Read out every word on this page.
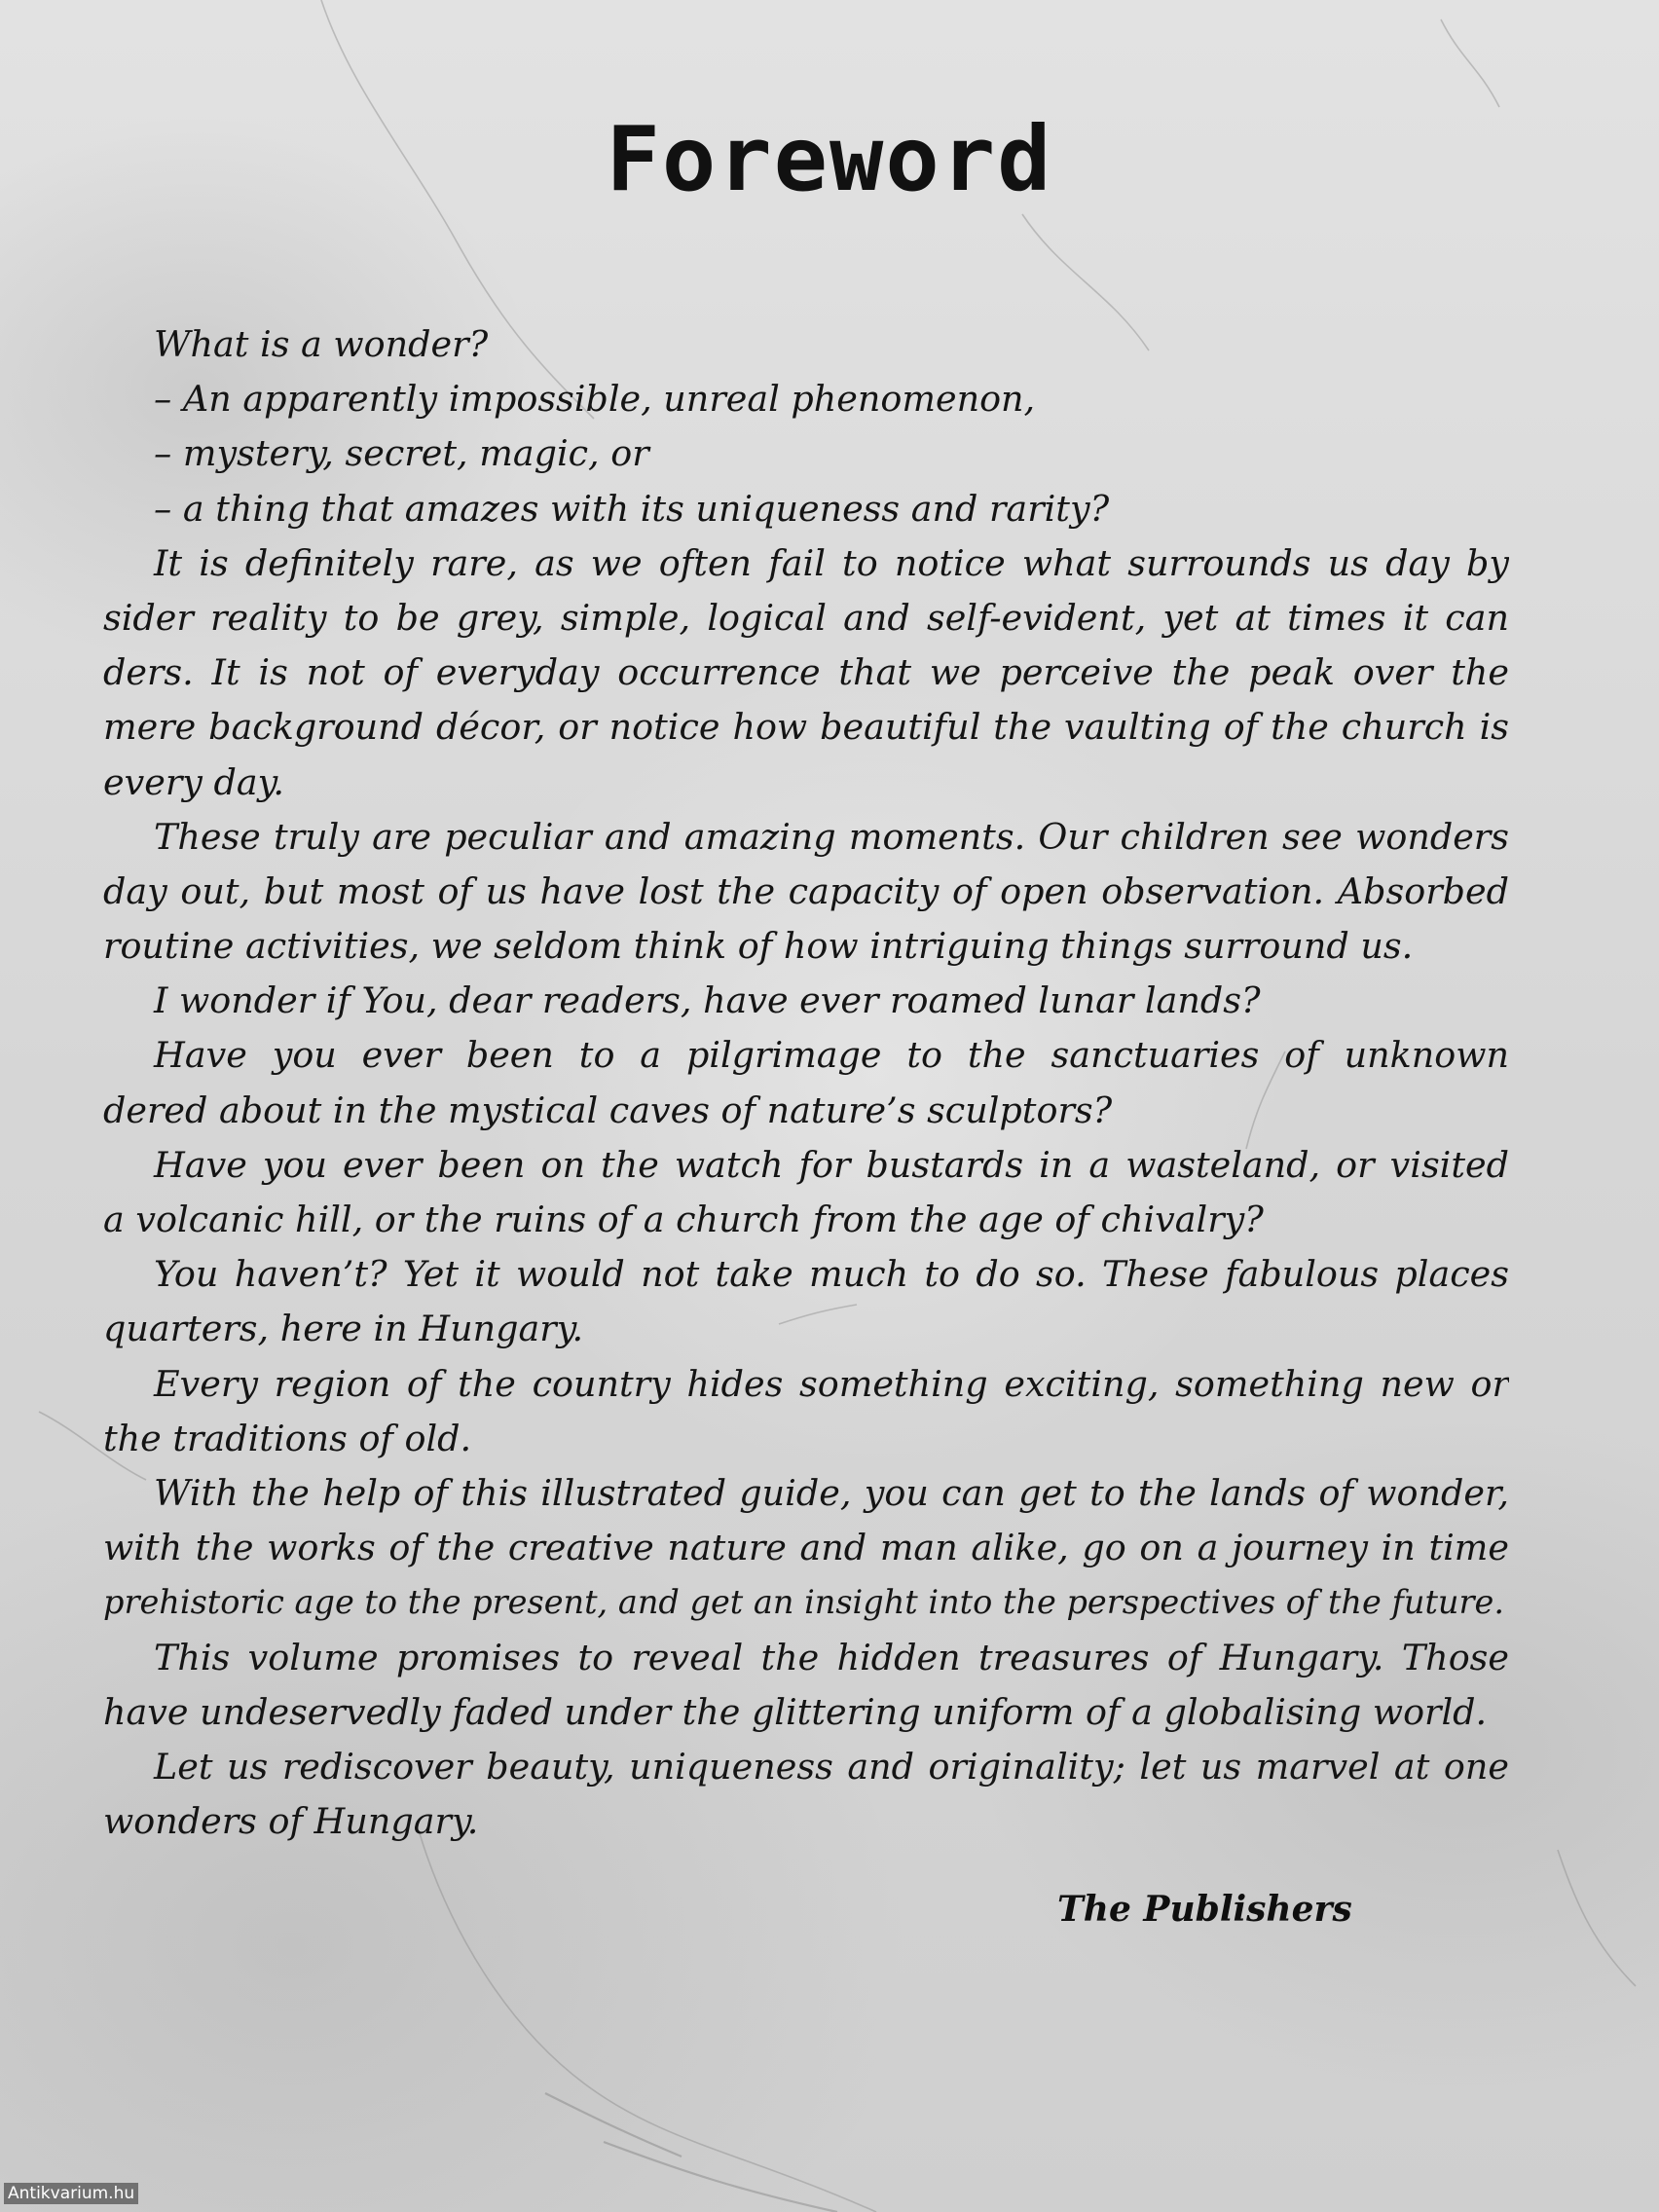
Foreword
What is a wonder?
– An apparently impossible, unreal phenomenon,
– mystery, secret, magic, or
– a thing that amazes with its uniqueness and rarity?
It is definitely rare, as we often fail to notice what surrounds us day by
sider reality to be grey, simple, logical and self-evident, yet at times it can
ders. It is not of everyday occurrence that we perceive the peak over the
mere background décor, or notice how beautiful the vaulting of the church is
every day.
These truly are peculiar and amazing moments. Our children see wonders
day out, but most of us have lost the capacity of open observation. Absorbed
routine activities, we seldom think of how intriguing things surround us.
I wonder if You, dear readers, have ever roamed lunar lands?
Have you ever been to a pilgrimage to the sanctuaries of unknown
dered about in the mystical caves of nature’s sculptors?
Have you ever been on the watch for bustards in a wasteland, or visited
a volcanic hill, or the ruins of a church from the age of chivalry?
You haven’t? Yet it would not take much to do so. These fabulous places
quarters, here in Hungary.
Every region of the country hides something exciting, something new or
the traditions of old.
With the help of this illustrated guide, you can get to the lands of wonder,
with the works of the creative nature and man alike, go on a journey in time
prehistoric age to the present, and get an insight into the perspectives of the future.
This volume promises to reveal the hidden treasures of Hungary. Those
have undeservedly faded under the glittering uniform of a globalising world.
Let us rediscover beauty, uniqueness and originality; let us marvel at one
wonders of Hungary.

The Publishers

Antikvarium.hu
